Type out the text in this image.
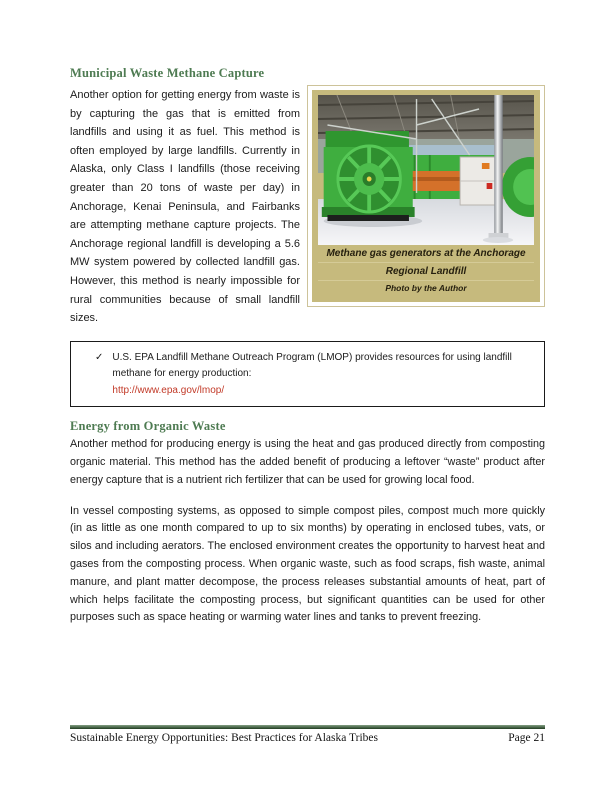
Municipal Waste Methane Capture
Another option for getting energy from waste is by capturing the gas that is emitted from landfills and using it as fuel. This method is often employed by large landfills. Currently in Alaska, only Class I landfills (those receiving greater than 20 tons of waste per day) in Anchorage, Kenai Peninsula, and Fairbanks are attempting methane capture projects. The Anchorage regional landfill is developing a 5.6 MW system powered by collected landfill gas. However, this method is nearly impossible for rural communities because of small landfill sizes.
Methane gas generators at the Anchorage
Regional Landfill
Photo by the Author
✓ U.S. EPA Landfill Methane Outreach Program (LMOP) provides resources for using landfill methane for energy production:
http://www.epa.gov/lmop/
Energy from Organic Waste
Another method for producing energy is using the heat and gas produced directly from composting organic material. This method has the added benefit of producing a leftover “waste” product after energy capture that is a nutrient rich fertilizer that can be used for growing local food.
In vessel composting systems, as opposed to simple compost piles, compost much more quickly (in as little as one month compared to up to six months) by operating in enclosed tubes, vats, or silos and including aerators. The enclosed environment creates the opportunity to harvest heat and gases from the composting process. When organic waste, such as food scraps, fish waste, animal manure, and plant matter decompose, the process releases substantial amounts of heat, part of which helps facilitate the composting process, but significant quantities can be used for other purposes such as space heating or warming water lines and tanks to prevent freezing.
Sustainable Energy Opportunities: Best Practices for Alaska Tribes	Page 21
